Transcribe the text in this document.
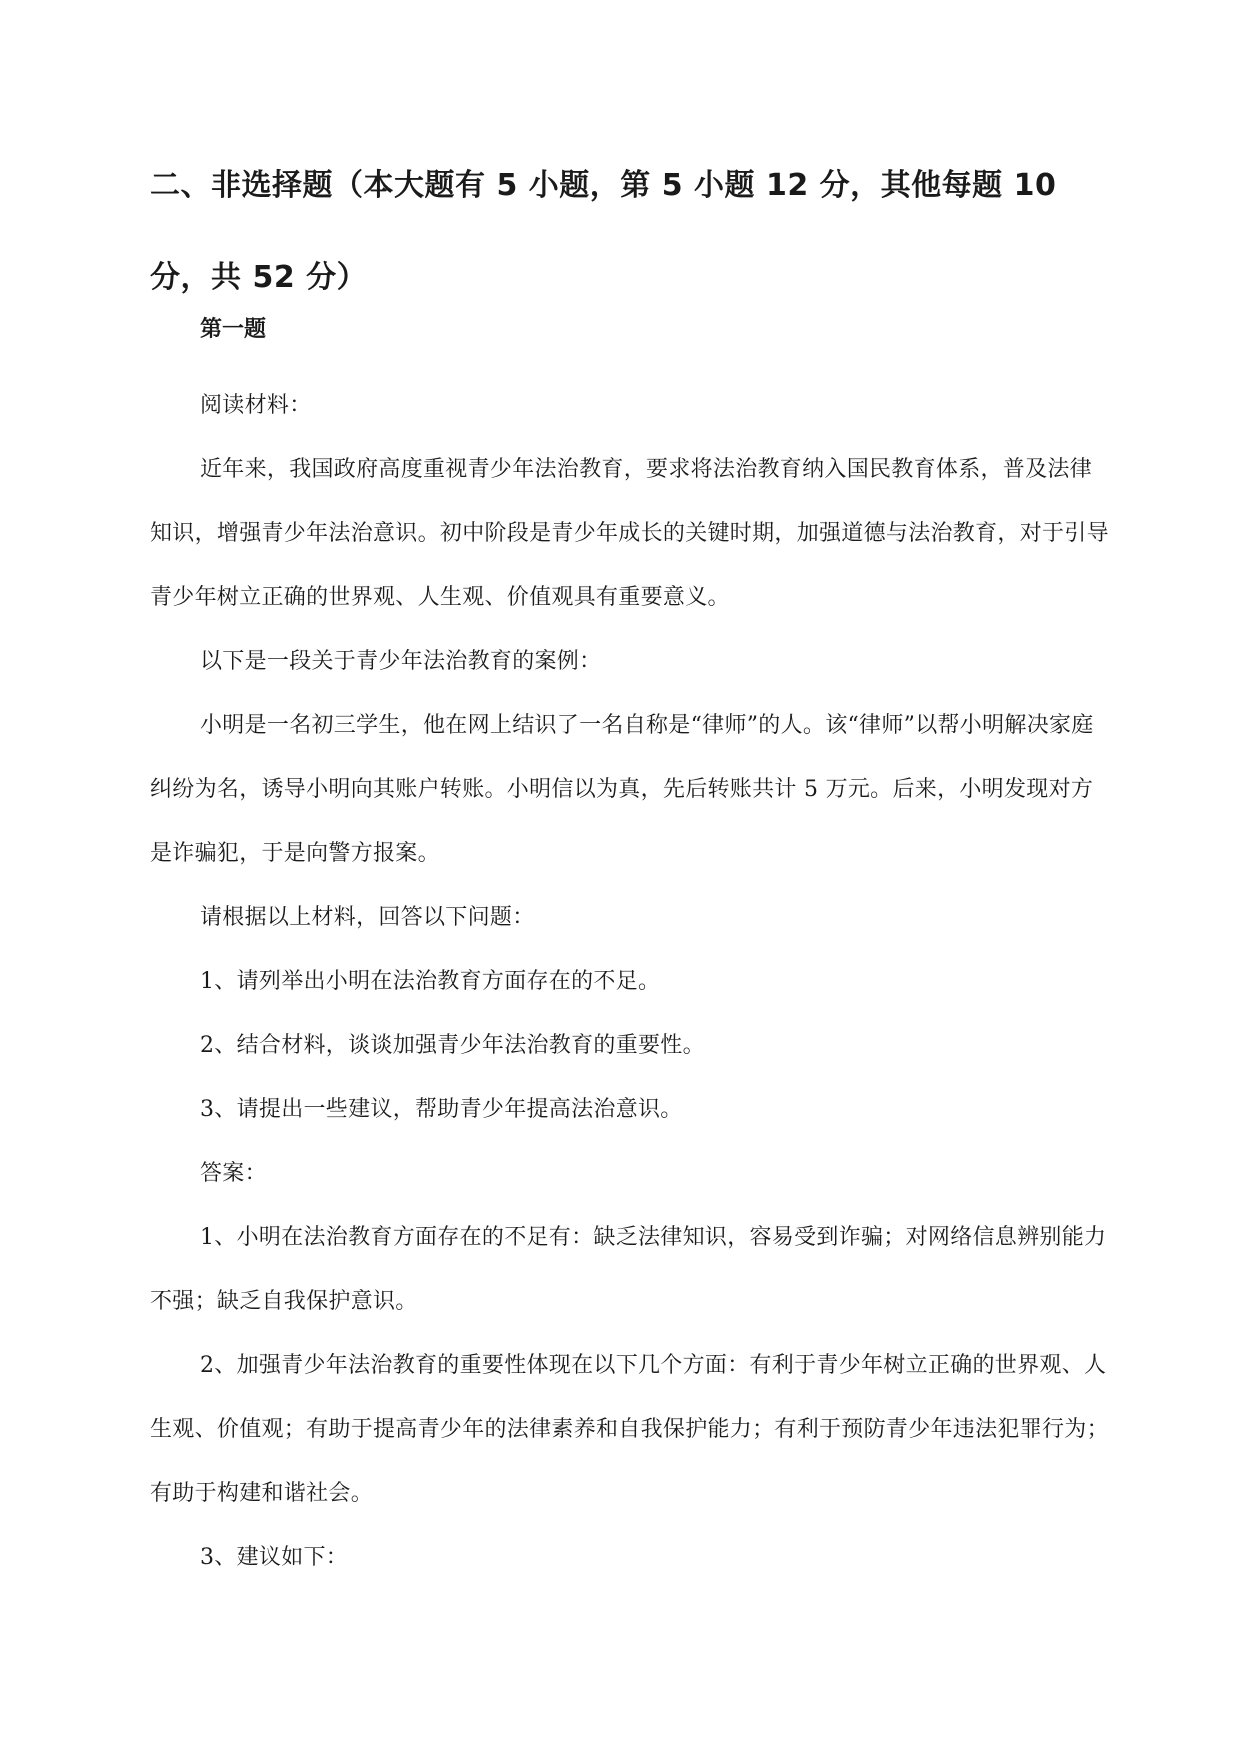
二、非选择题（本大题有 5 小题，第 5 小题 12 分，其他每题 10 分，共 52 分）
第一题

阅读材料：

近年来，我国政府高度重视青少年法治教育，要求将法治教育纳入国民教育体系，普及法律知识，增强青少年法治意识。初中阶段是青少年成长的关键时期，加强道德与法治教育，对于引导青少年树立正确的世界观、人生观、价值观具有重要意义。

以下是一段关于青少年法治教育的案例：

小明是一名初三学生，他在网上结识了一名自称是“律师”的人。该“律师”以帮小明解决家庭纠纷为名，诱导小明向其账户转账。小明信以为真，先后转账共计 5 万元。后来，小明发现对方是诈骗犯，于是向警方报案。

请根据以上材料，回答以下问题：

1、请列举出小明在法治教育方面存在的不足。

2、结合材料，谈谈加强青少年法治教育的重要性。

3、请提出一些建议，帮助青少年提高法治意识。

答案：

1、小明在法治教育方面存在的不足有：缺乏法律知识，容易受到诈骗；对网络信息辨别能力不强；缺乏自我保护意识。

2、加强青少年法治教育的重要性体现在以下几个方面：有利于青少年树立正确的世界观、人生观、价值观；有助于提高青少年的法律素养和自我保护能力；有利于预防青少年违法犯罪行为；有助于构建和谐社会。

3、建议如下：
